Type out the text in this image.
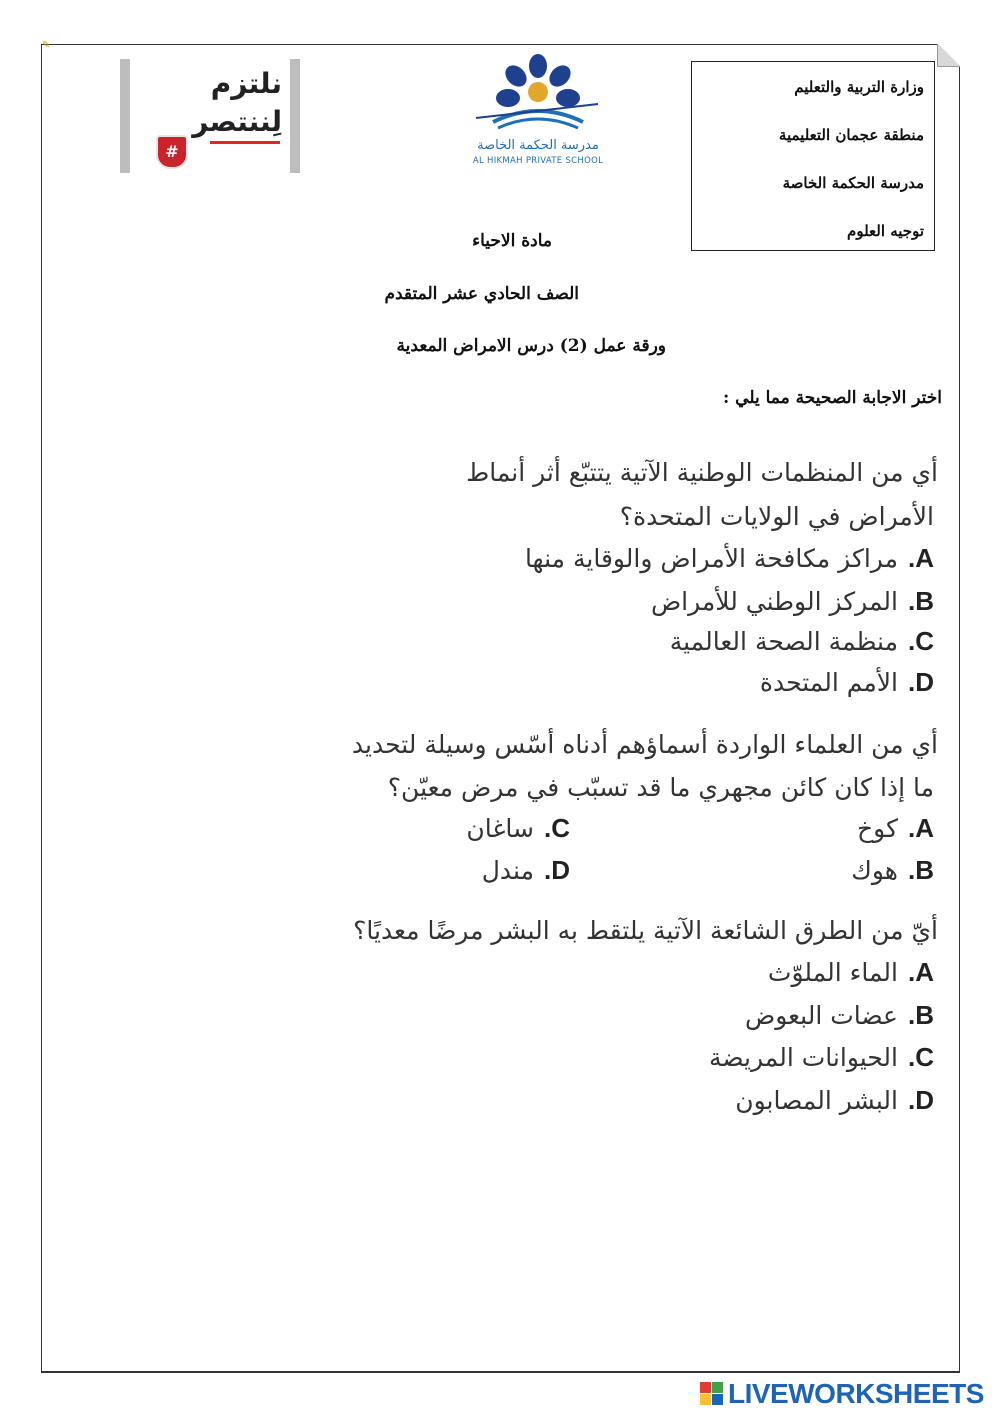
✎
وزارة التربية والتعليم
منطقة عجمان التعليمية
مدرسة الحكمة الخاصة
توجيه العلوم
نلتزم
لِننتصر
#	مدرسة الحكمة الخاصة
AL HIKMAH PRIVATE SCHOOL
مادة الاحياء
الصف الحادي عشر المتقدم
ورقة عمل (2) درس الامراض المعدية
اختر الاجابة الصحيحة مما يلي :
أي من المنظمات الوطنية الآتية يتتبّع أثر أنماط
الأمراض في الولايات المتحدة؟
A.مراكز مكافحة الأمراض والوقاية منها
B.المركز الوطني للأمراض
C.منظمة الصحة العالمية
D.الأمم المتحدة
أي من العلماء الواردة أسماؤهم أدناه أسّس وسيلة لتحديد
ما إذا كان كائن مجهري ما قد تسبّب في مرض معيّن؟
A.كوخ
C.ساغان
B.هوك
D.مندل
أيّ من الطرق الشائعة الآتية يلتقط به البشر مرضًا معديًا؟
A.الماء الملوّث
B.عضات البعوض
C.الحيوانات المريضة
D.البشر المصابون
LIVEWORKSHEETS
